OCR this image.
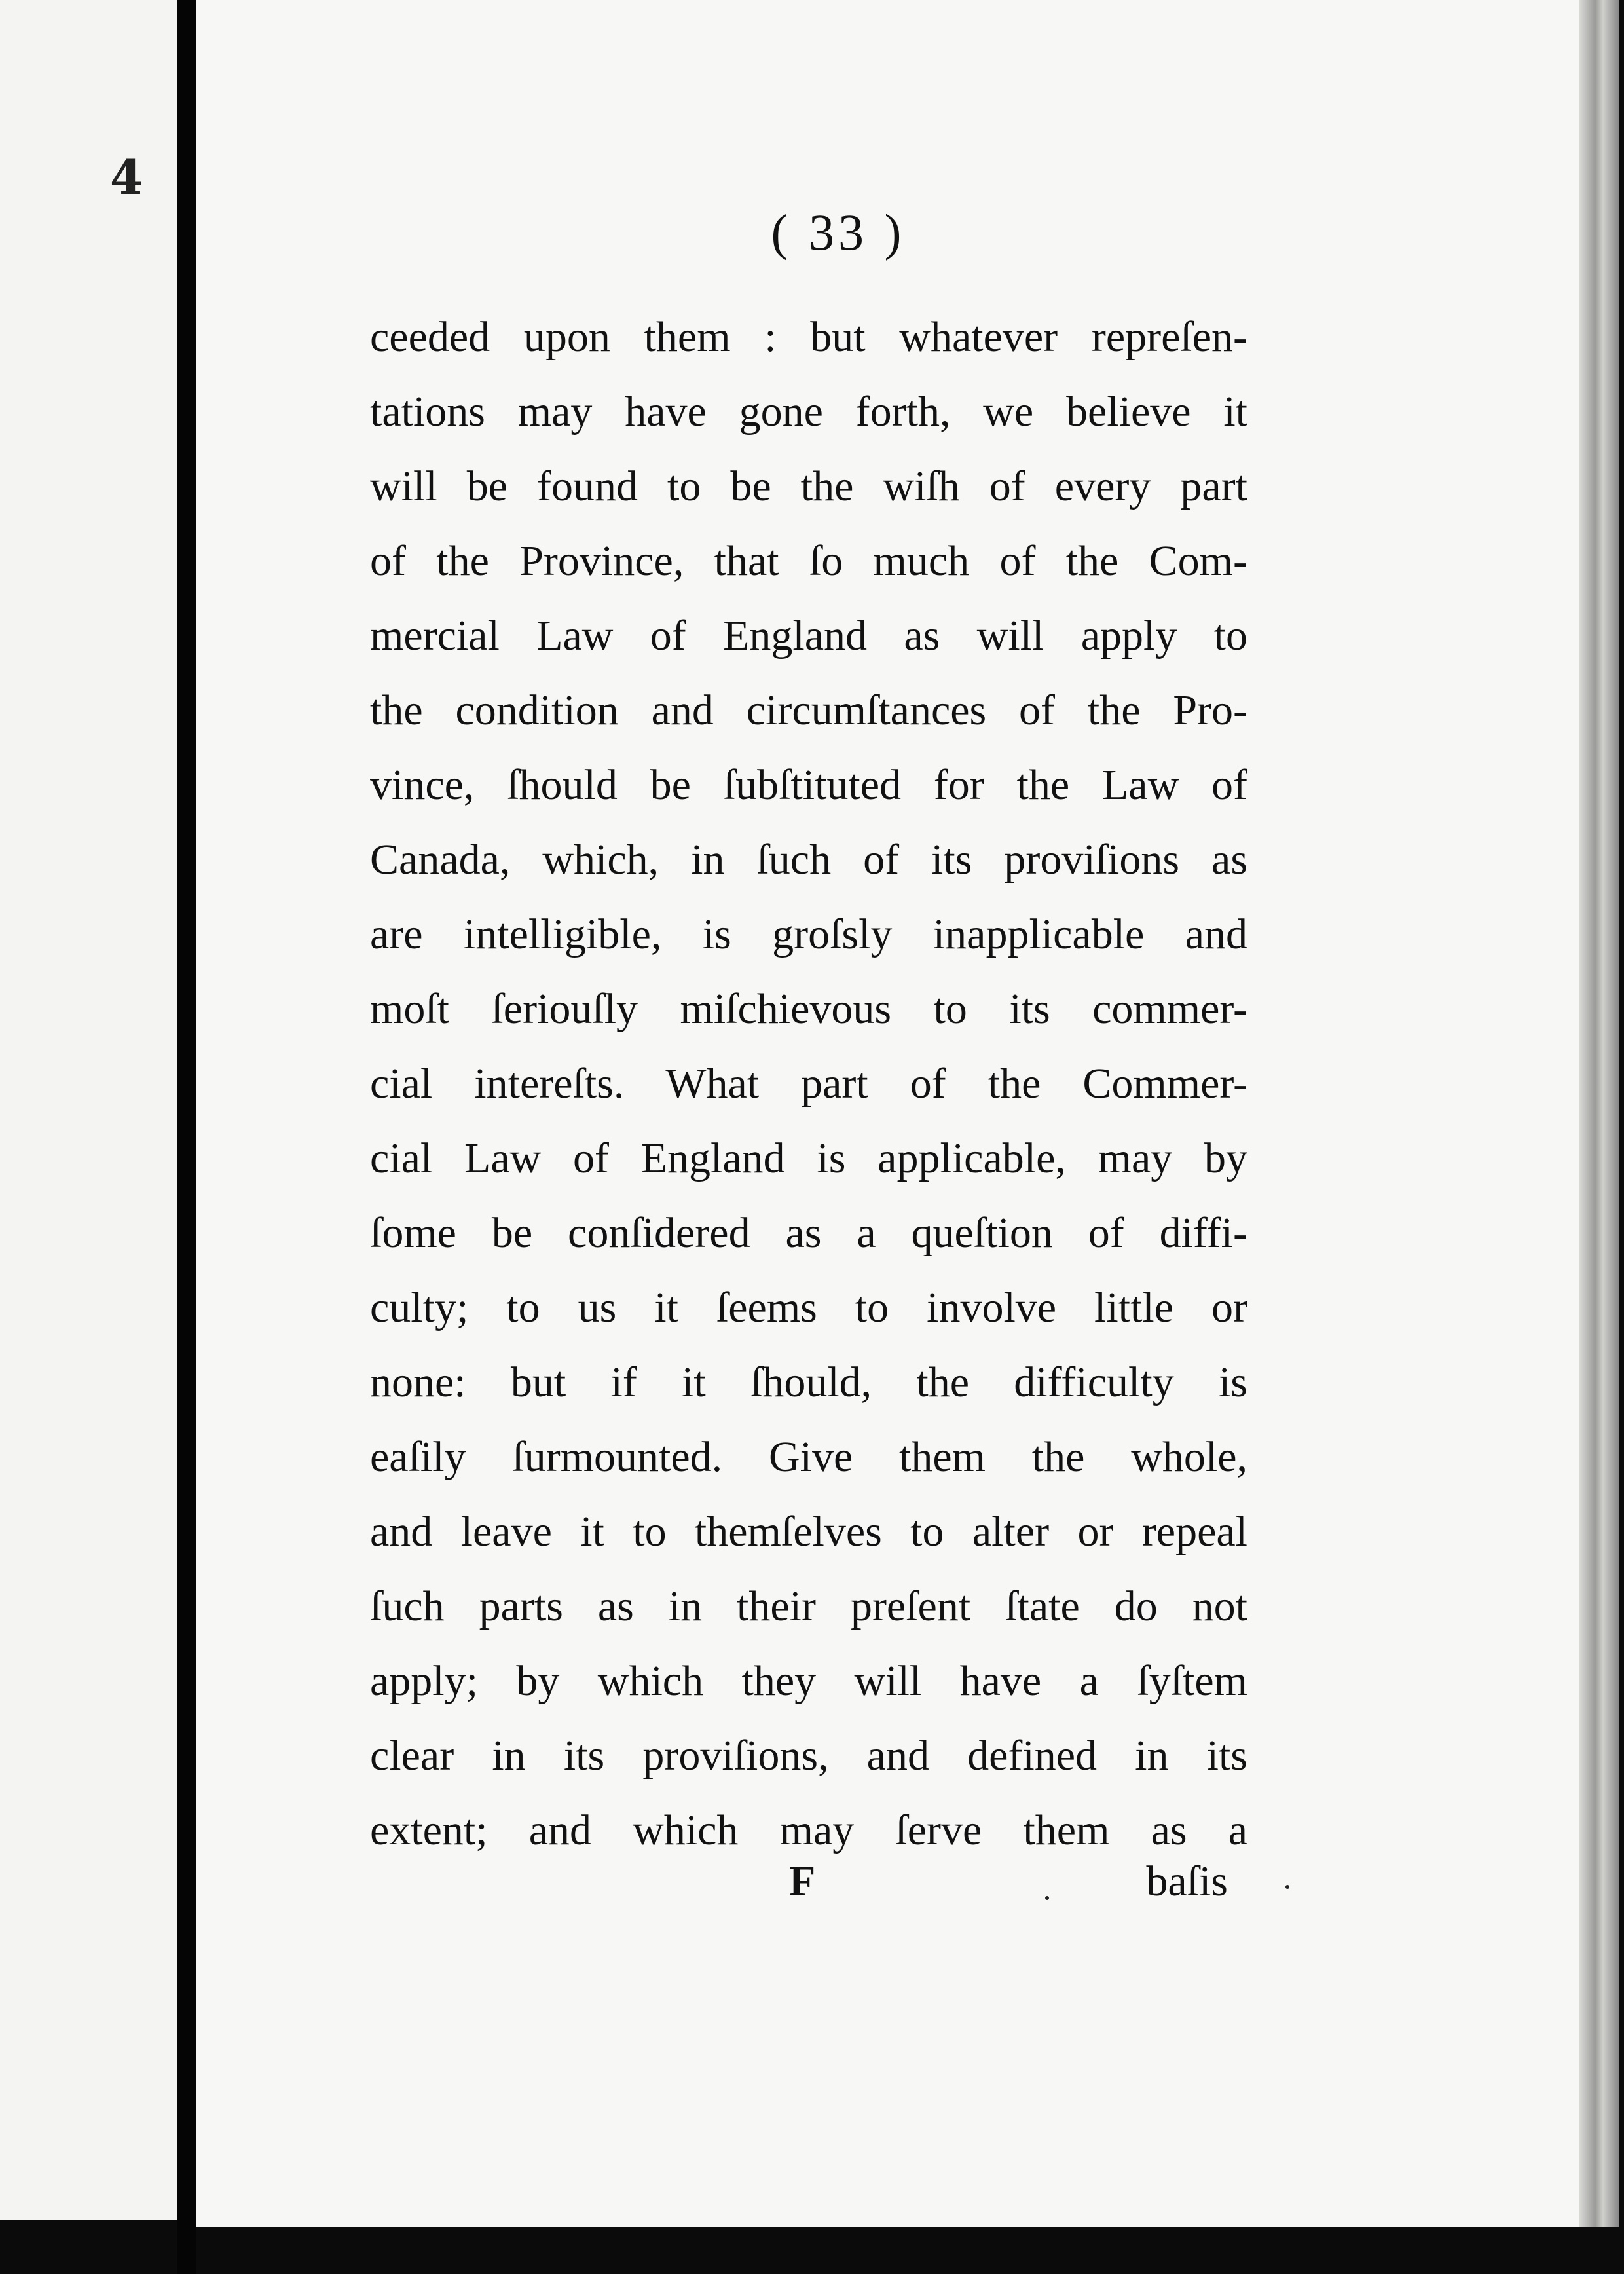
4
( 33 )
ceeded upon them : but whatever repreſen-
tations may have gone forth, we believe it
will be found to be the wiſh of every part
of the Province, that ſo much of the Com-
mercial Law of England as will apply to
the condition and circumſtances of the Pro-
vince, ſhould be ſubſtituted for the Law of
Canada, which, in ſuch of its proviſions as
are intelligible, is groſsly inapplicable and
moſt ſeriouſly miſchievous to its commer-
cial intereſts. What part of the Commer-
cial Law of England is applicable, may by
ſome be conſidered as a queſtion of diffi-
culty; to us it ſeems to involve little or
none: but if it ſhould, the difficulty is
eaſily ſurmounted. Give them the whole,
and leave it to themſelves to alter or repeal
ſuch parts as in their preſent ſtate do not
apply; by which they will have a ſyſtem
clear in its proviſions, and defined in its
extent; and which may ſerve them as a
F	baſis
